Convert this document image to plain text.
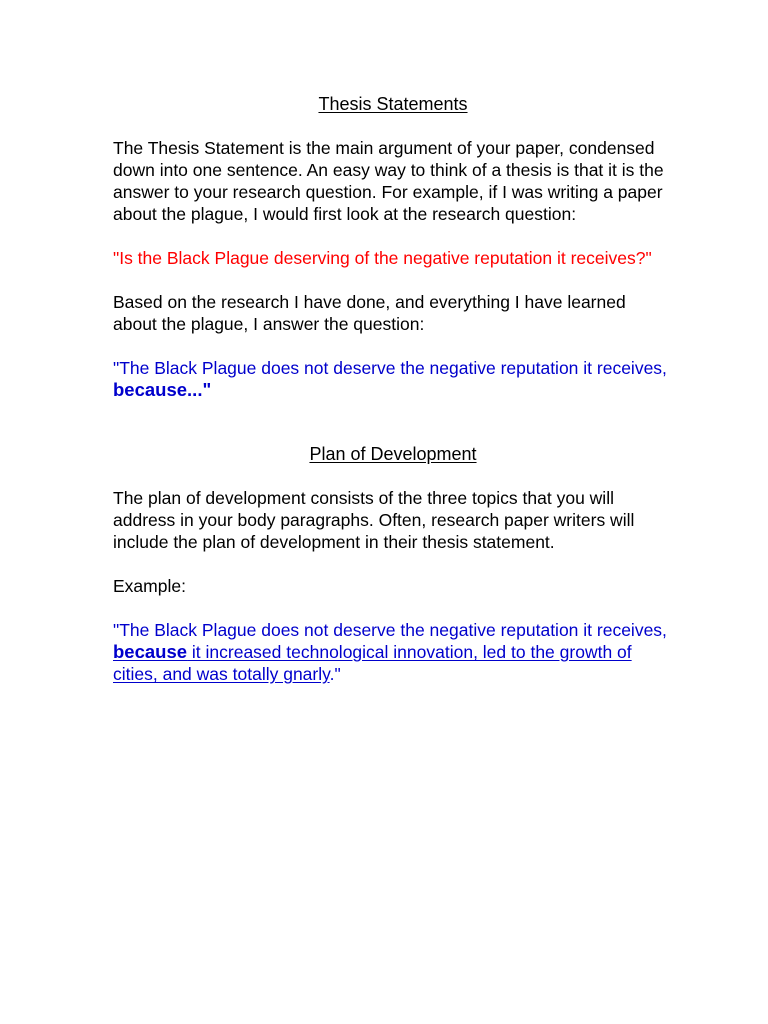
Thesis Statements

The Thesis Statement is the main argument of your paper, condensed down into one sentence. An easy way to think of a thesis is that it is the answer to your research question. For example, if I was writing a paper about the plague, I would first look at the research question:

"Is the Black Plague deserving of the negative reputation it receives?"

Based on the research I have done, and everything I have learned about the plague, I answer the question:

"The Black Plague does not deserve the negative reputation it receives, because..."

Plan of Development

The plan of development consists of the three topics that you will address in your body paragraphs. Often, research paper writers will include the plan of development in their thesis statement.

Example:

"The Black Plague does not deserve the negative reputation it receives, because it increased technological innovation, led to the growth of cities, and was totally gnarly."
